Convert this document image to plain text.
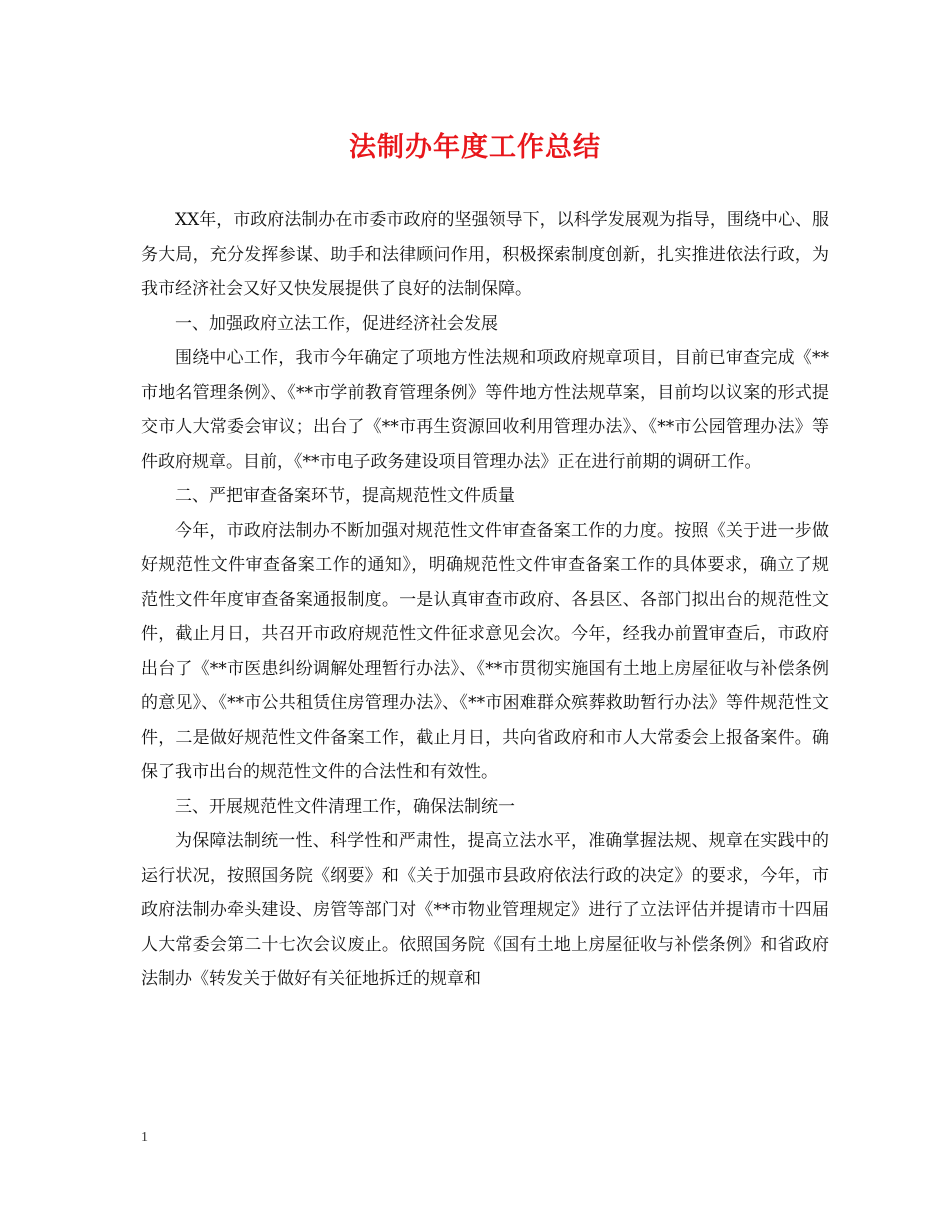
法制办年度工作总结

XX年，市政府法制办在市委市政府的坚强领导下，以科学发展观为指导，围绕中心、服务大局，充分发挥参谋、助手和法律顾问作用，积极探索制度创新，扎实推进依法行政，为我市经济社会又好又快发展提供了良好的法制保障。

一、加强政府立法工作，促进经济社会发展

围绕中心工作，我市今年确定了项地方性法规和项政府规章项目，目前已审查完成《**市地名管理条例》、《**市学前教育管理条例》等件地方性法规草案，目前均以议案的形式提交市人大常委会审议；出台了《**市再生资源回收利用管理办法》、《**市公园管理办法》等件政府规章。目前，《**市电子政务建设项目管理办法》正在进行前期的调研工作。

二、严把审查备案环节，提高规范性文件质量

今年，市政府法制办不断加强对规范性文件审查备案工作的力度。按照《关于进一步做好规范性文件审查备案工作的通知》，明确规范性文件审查备案工作的具体要求，确立了规范性文件年度审查备案通报制度。一是认真审查市政府、各县区、各部门拟出台的规范性文件，截止月日，共召开市政府规范性文件征求意见会次。今年，经我办前置审查后，市政府出台了《**市医患纠纷调解处理暂行办法》、《**市贯彻实施国有土地上房屋征收与补偿条例的意见》、《**市公共租赁住房管理办法》、《**市困难群众殡葬救助暂行办法》等件规范性文件，二是做好规范性文件备案工作，截止月日，共向省政府和市人大常委会上报备案件。确保了我市出台的规范性文件的合法性和有效性。

三、开展规范性文件清理工作，确保法制统一

为保障法制统一性、科学性和严肃性，提高立法水平，准确掌握法规、规章在实践中的运行状况，按照国务院《纲要》和《关于加强市县政府依法行政的决定》的要求，今年，市政府法制办牵头建设、房管等部门对《**市物业管理规定》进行了立法评估并提请市十四届人大常委会第二十七次会议废止。依照国务院《国有土地上房屋征收与补偿条例》和省政府法制办《转发关于做好有关征地拆迁的规章和

1
